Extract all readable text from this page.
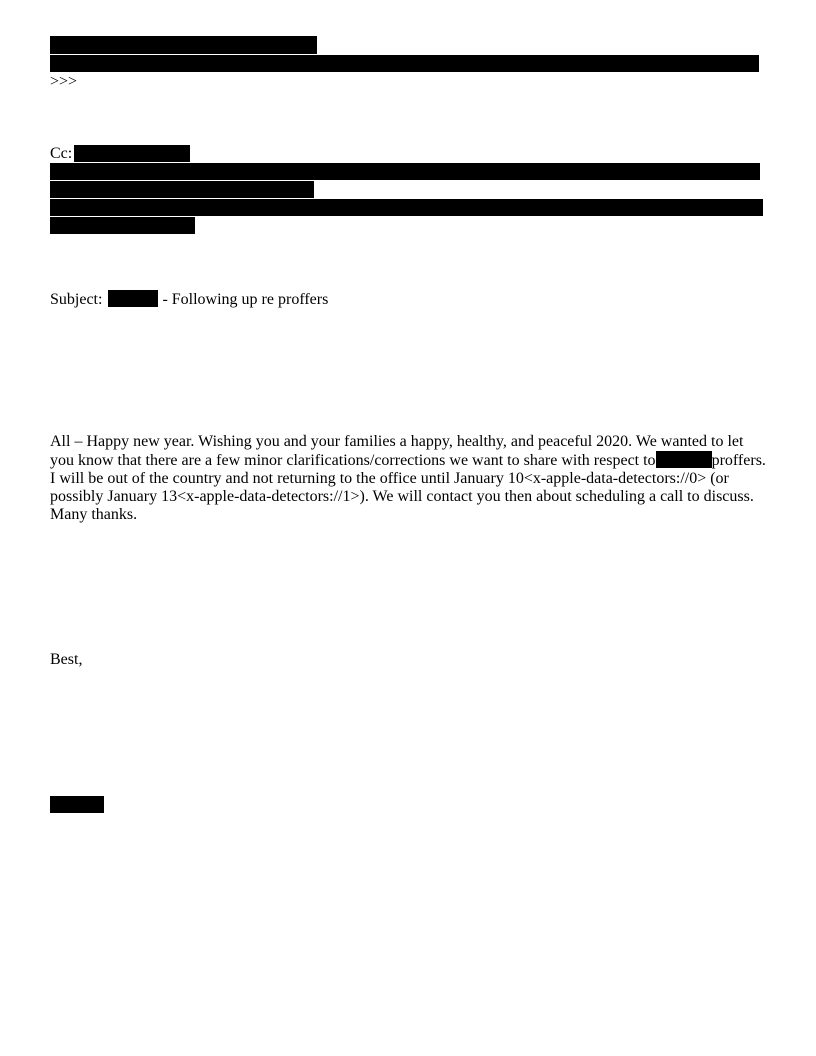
>>>
Cc:
Subject:	- Following up re proffers
All – Happy new year. Wishing you and your families a happy, healthy, and peaceful 2020. We wanted to let
you know that there are a few minor clarifications/corrections we want to share with respect to	proffers.
I will be out of the country and not returning to the office until January 10<x-apple-data-detectors://0> (or
possibly January 13<x-apple-data-detectors://1>). We will contact you then about scheduling a call to discuss.
Many thanks.
Best,
